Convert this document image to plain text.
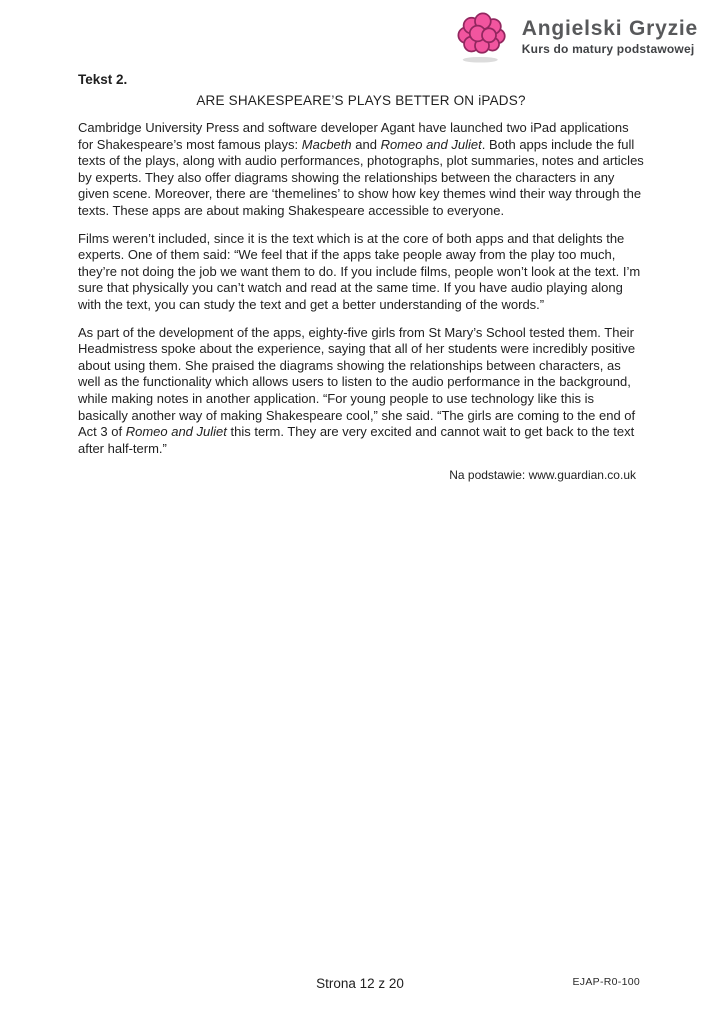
Angielski Gryzie
Kurs do matury podstawowej

Tekst 2.

ARE SHAKESPEARE’S PLAYS BETTER ON iPADS?

Cambridge University Press and software developer Agant have launched two iPad applications for Shakespeare’s most famous plays: Macbeth and Romeo and Juliet. Both apps include the full texts of the plays, along with audio performances, photographs, plot summaries, notes and articles by experts. They also offer diagrams showing the relationships between the characters in any given scene. Moreover, there are ‘themelines’ to show how key themes wind their way through the texts. These apps are about making Shakespeare accessible to everyone.

Films weren’t included, since it is the text which is at the core of both apps and that delights the experts. One of them said: “We feel that if the apps take people away from the play too much, they’re not doing the job we want them to do. If you include films, people won’t look at the text. I’m sure that physically you can’t watch and read at the same time. If you have audio playing along with the text, you can study the text and get a better understanding of the words.”

As part of the development of the apps, eighty-five girls from St Mary’s School tested them. Their Headmistress spoke about the experience, saying that all of her students were incredibly positive about using them. She praised the diagrams showing the relationships between characters, as well as the functionality which allows users to listen to the audio performance in the background, while making notes in another application. “For young people to use technology like this is basically another way of making Shakespeare cool,” she said. “The girls are coming to the end of Act 3 of Romeo and Juliet this term. They are very excited and cannot wait to get back to the text after half-term.”

Na podstawie: www.guardian.co.uk

Strona 12 z 20	EJAP-R0-100
